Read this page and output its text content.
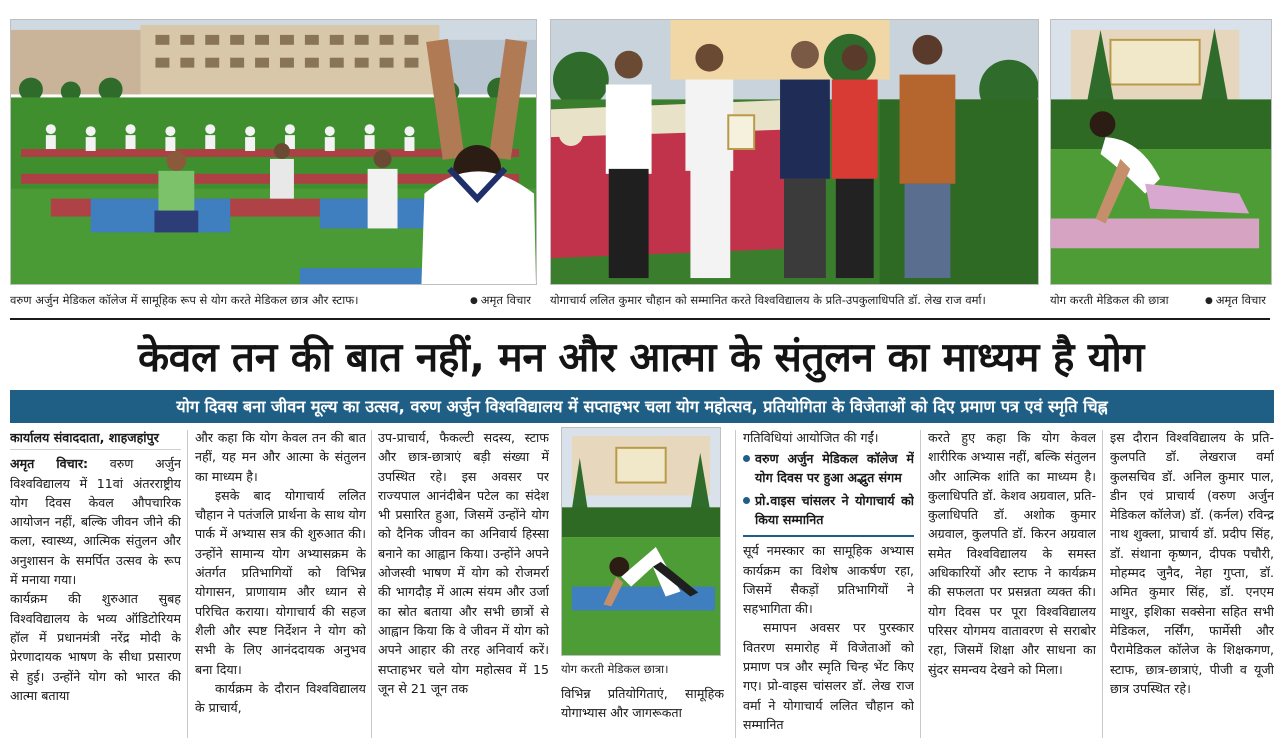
वरुण अर्जुन मेडिकल कॉलेज में सामूहिक रूप से योग करते मेडिकल छात्र और स्टाफ।	● अमृत विचार योगाचार्य ललित कुमार चौहान को सम्मानित करते विश्वविद्यालय के प्रति-उपकुलाधिपति डॉ. लेख राज वर्मा।	योग करती मेडिकल की छात्रा	● अमृत विचार
केवल तन की बात नहीं, मन और आत्मा के संतुलन का माध्यम है योग
योग दिवस बना जीवन मूल्य का उत्सव, वरुण अर्जुन विश्वविद्यालय में सप्ताहभर चला योग महोत्सव, प्रतियोगिता के विजेताओं को दिए प्रमाण पत्र एवं स्मृति चिह्न
कार्यालय संवाददाता, शाहजहांपुर

अमृत विचार: वरुण अर्जुन विश्वविद्यालय में 11वां अंतरराष्ट्रीय योग दिवस केवल औपचारिक आयोजन नहीं, बल्कि जीवन जीने की कला, स्वास्थ्य, आत्मिक संतुलन और अनुशासन के समर्पित उत्सव के रूप में मनाया गया।

कार्यक्रम की शुरुआत सुबह विश्वविद्यालय के भव्य ऑडिटोरियम हॉल में प्रधानमंत्री नरेंद्र मोदी के प्रेरणादायक भाषण के सीधा प्रसारण से हुई। उन्होंने योग को भारत की आत्मा बताया

और कहा कि योग केवल तन की बात नहीं, यह मन और आत्मा के संतुलन का माध्यम है।

इसके बाद योगाचार्य ललित चौहान ने पतंजलि प्रार्थना के साथ योग पार्क में अभ्यास सत्र की शुरुआत की। उन्होंने सामान्य योग अभ्यासक्रम के अंतर्गत प्रतिभागियों को विभिन्न योगासन, प्राणायाम और ध्यान से परिचित कराया। योगाचार्य की सहज शैली और स्पष्ट निर्देशन ने योग को सभी के लिए आनंददायक अनुभव बना दिया।

कार्यक्रम के दौरान विश्वविद्यालय के प्राचार्य,

उप-प्राचार्य, फैकल्टी सदस्य, स्टाफ और छात्र-छात्राएं बड़ी संख्या में उपस्थित रहे। इस अवसर पर राज्यपाल आनंदीबेन पटेल का संदेश भी प्रसारित हुआ, जिसमें उन्होंने योग को दैनिक जीवन का अनिवार्य हिस्सा बनाने का आह्वान किया। उन्होंने अपने ओजस्वी भाषण में योग को रोजमर्रा की भागदौड़ में आत्म संयम और उर्जा का स्रोत बताया और सभी छात्रों से आह्वान किया कि वे जीवन में योग को अपने आहार की तरह अनिवार्य करें। सप्ताहभर चले योग महोत्सव में 15 जून से 21 जून तक

योग करती मेडिकल छात्रा।

विभिन्न प्रतियोगिताएं, सामूहिक योगाभ्यास और जागरूकता

गतिविधियां आयोजित की गईं।

वरुण अर्जुन मेडिकल कॉलेज में योग दिवस पर हुआ अद्भुत संगम
प्रो.वाइस चांसलर ने योगाचार्य को किया सम्मानित

सूर्य नमस्कार का सामूहिक अभ्यास कार्यक्रम का विशेष आकर्षण रहा, जिसमें सैकड़ों प्रतिभागियों ने सहभागिता की।

समापन अवसर पर पुरस्कार वितरण समारोह में विजेताओं को प्रमाण पत्र और स्मृति चिन्ह भेंट किए गए। प्रो-वाइस चांसलर डॉ. लेख राज वर्मा ने योगाचार्य ललित चौहान को सम्मानित

करते हुए कहा कि योग केवल शारीरिक अभ्यास नहीं, बल्कि संतुलन और आत्मिक शांति का माध्यम है। कुलाधिपति डॉ. केशव अग्रवाल, प्रति-कुलाधिपति डॉ. अशोक कुमार अग्रवाल, कुलपति डॉ. किरन अग्रवाल समेत विश्वविद्यालय के समस्त अधिकारियों और स्टाफ ने कार्यक्रम की सफलता पर प्रसन्नता व्यक्त की। योग दिवस पर पूरा विश्वविद्यालय परिसर योगमय वातावरण से सराबोर रहा, जिसमें शिक्षा और साधना का सुंदर समन्वय देखने को मिला।

इस दौरान विश्वविद्यालय के प्रति-कुलपति डॉ. लेखराज वर्मा कुलसचिव डॉ. अनिल कुमार पाल, डीन एवं प्राचार्य (वरुण अर्जुन मेडिकल कॉलेज) डॉ. (कर्नल) रविन्द्र नाथ शुक्ला, प्राचार्य डॉ. प्रदीप सिंह, डॉ. संथाना कृष्णन, दीपक पचौरी, मोहम्मद जुनैद, नेहा गुप्ता, डॉ. अमित कुमार सिंह, डॉ. एनएम माथुर, इशिका सक्सेना सहित सभी मेडिकल, नर्सिंग, फार्मेसी और पैरामेडिकल कॉलेज के शिक्षकगण, स्टाफ, छात्र-छात्राएं, पीजी व यूजी छात्र उपस्थित रहे।
